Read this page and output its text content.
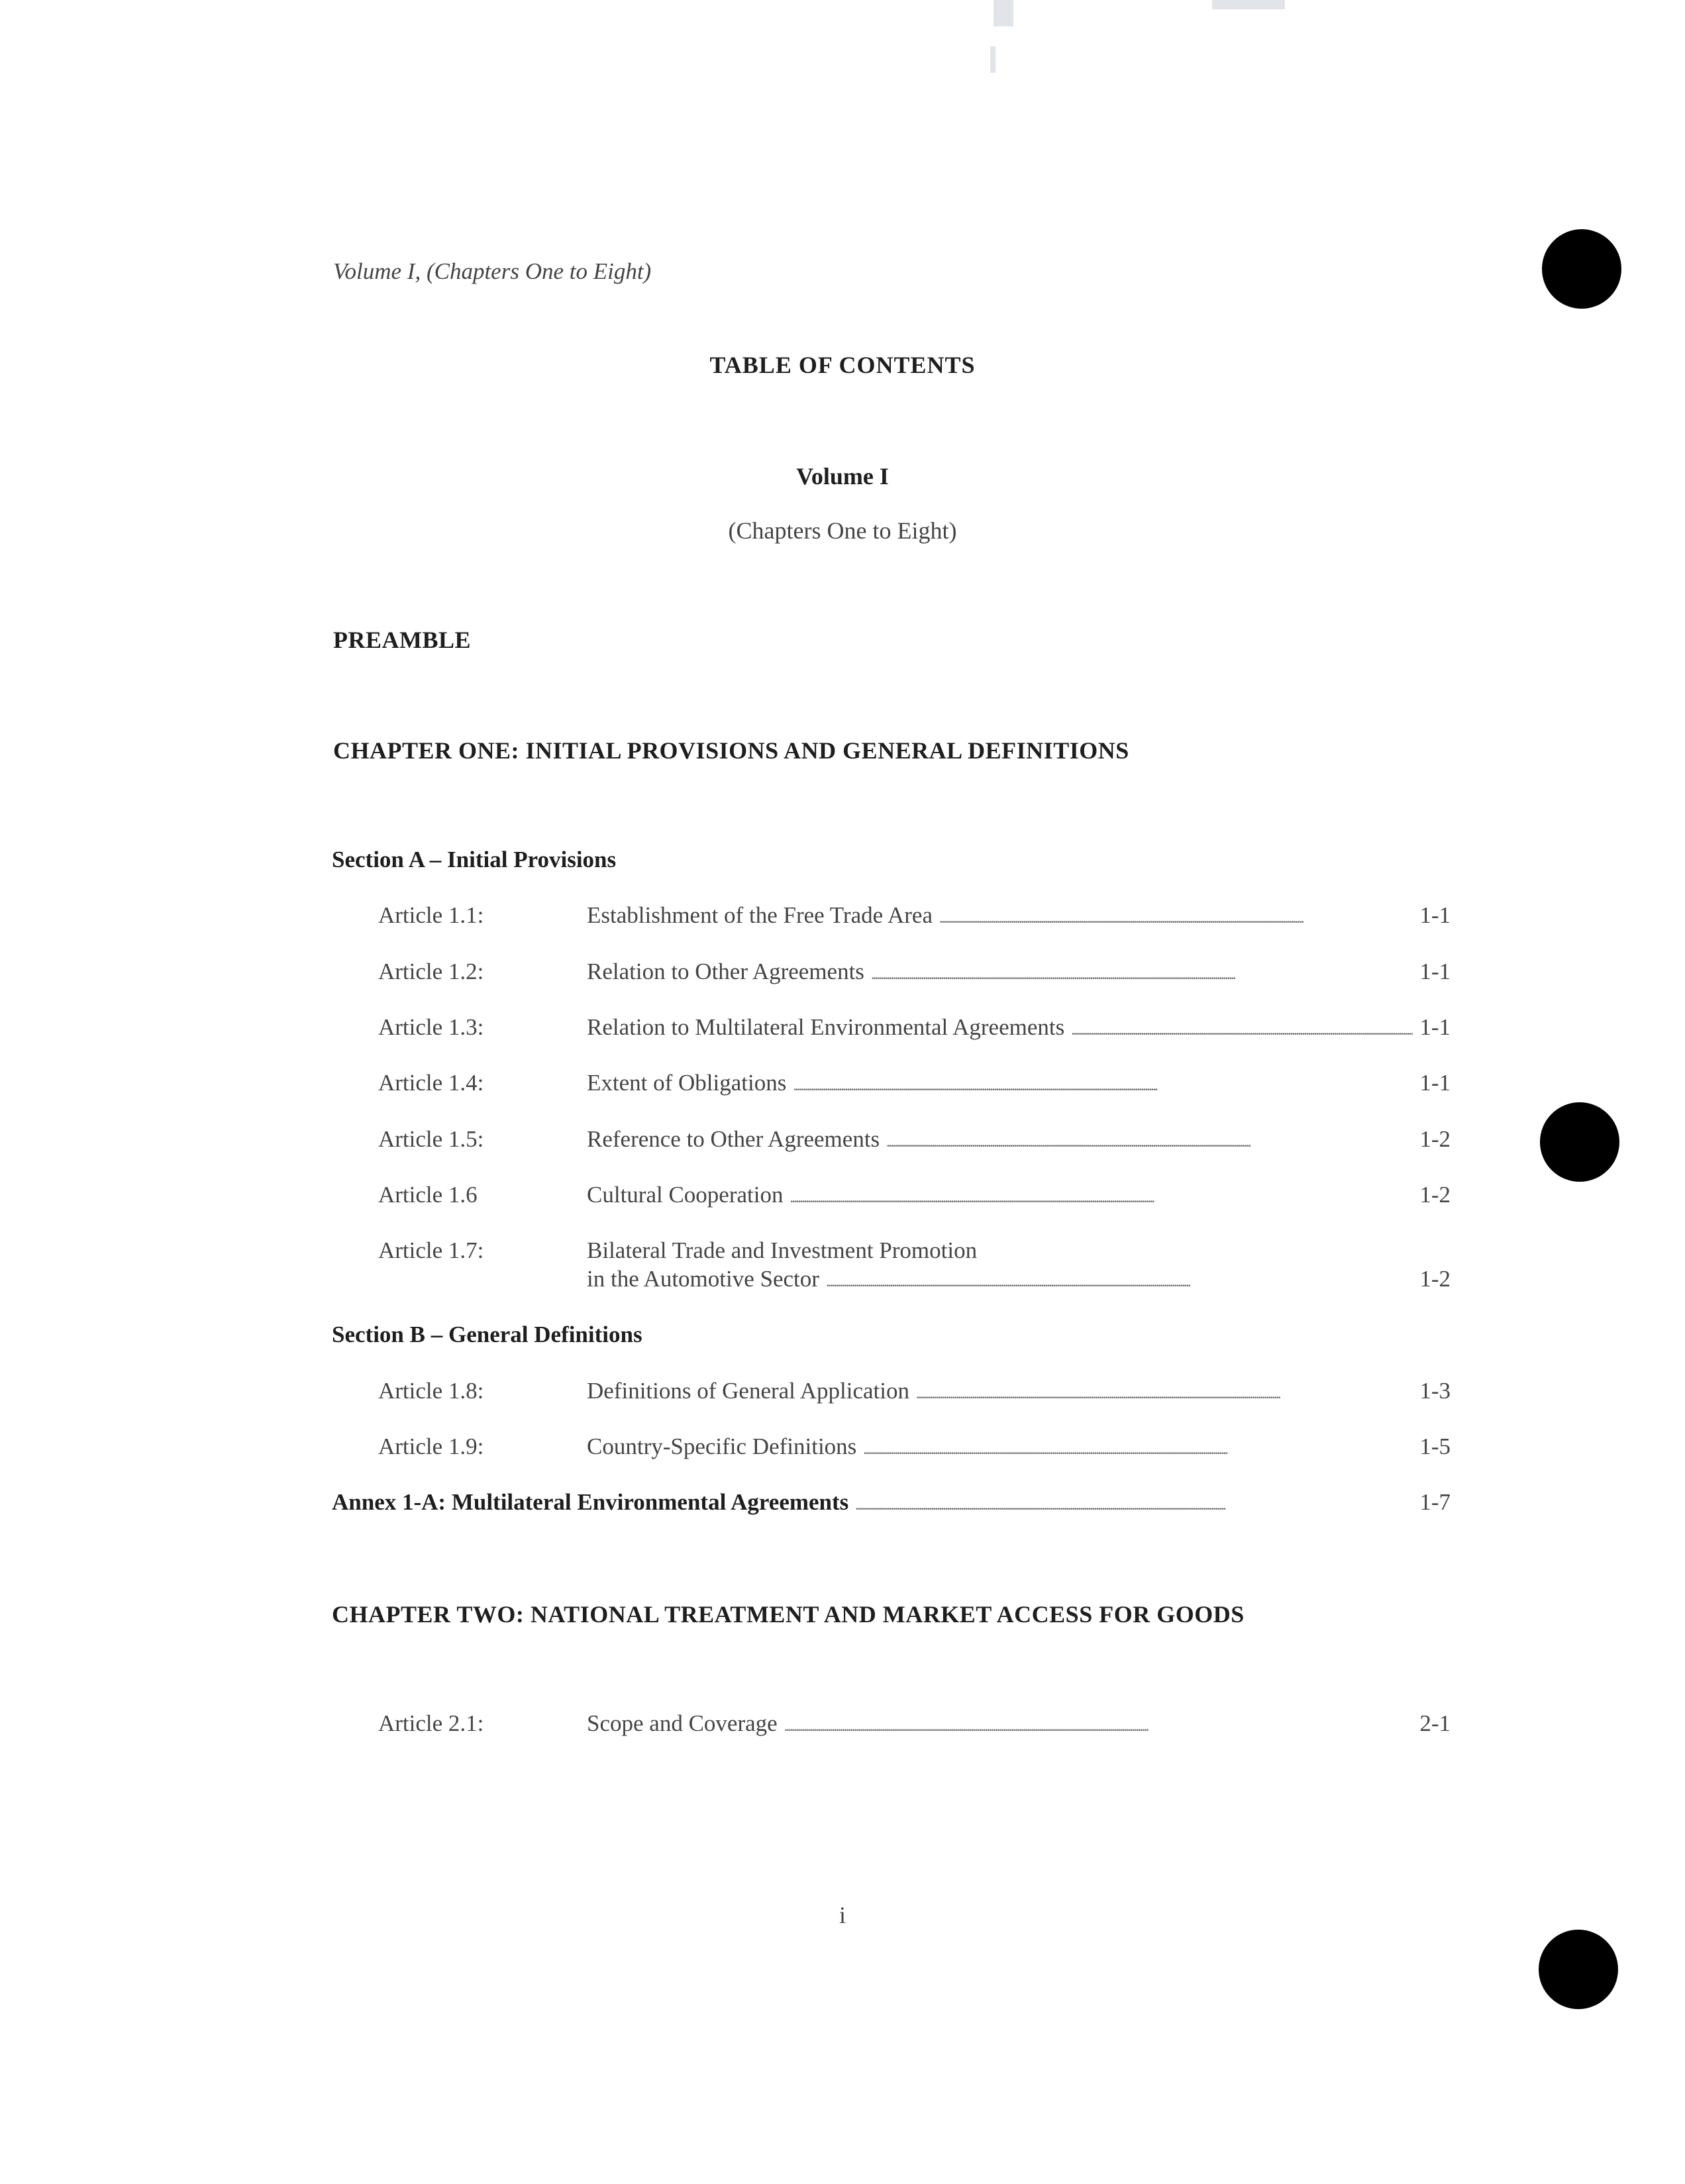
Volume I, (Chapters One to Eight)
TABLE OF CONTENTS
Volume I
(Chapters One to Eight)
PREAMBLE
CHAPTER ONE: INITIAL PROVISIONS AND GENERAL DEFINITIONS
Section A – Initial Provisions
Article 1.1:	Establishment of the Free Trade Area . . .	1-1
Article 1.2:	Relation to Other Agreements . . .	1-1
Article 1.3:	Relation to Multilateral Environmental Agreements . . .	1-1
Article 1.4:	Extent of Obligations . . .	1-1
Article 1.5:	Reference to Other Agreements . . .	1-2
Article 1.6	Cultural Cooperation . . .	1-2
Article 1.7:	Bilateral Trade and Investment Promotion
in the Automotive Sector . . .	1-2
Section B – General Definitions
Article 1.8:	Definitions of General Application . . .	1-3
Article 1.9:	Country-Specific Definitions . . .	1-5
Annex 1-A: Multilateral Environmental Agreements . . .	1-7
CHAPTER TWO: NATIONAL TREATMENT AND MARKET ACCESS FOR GOODS
Article 2.1:	Scope and Coverage . . .	2-1
i
